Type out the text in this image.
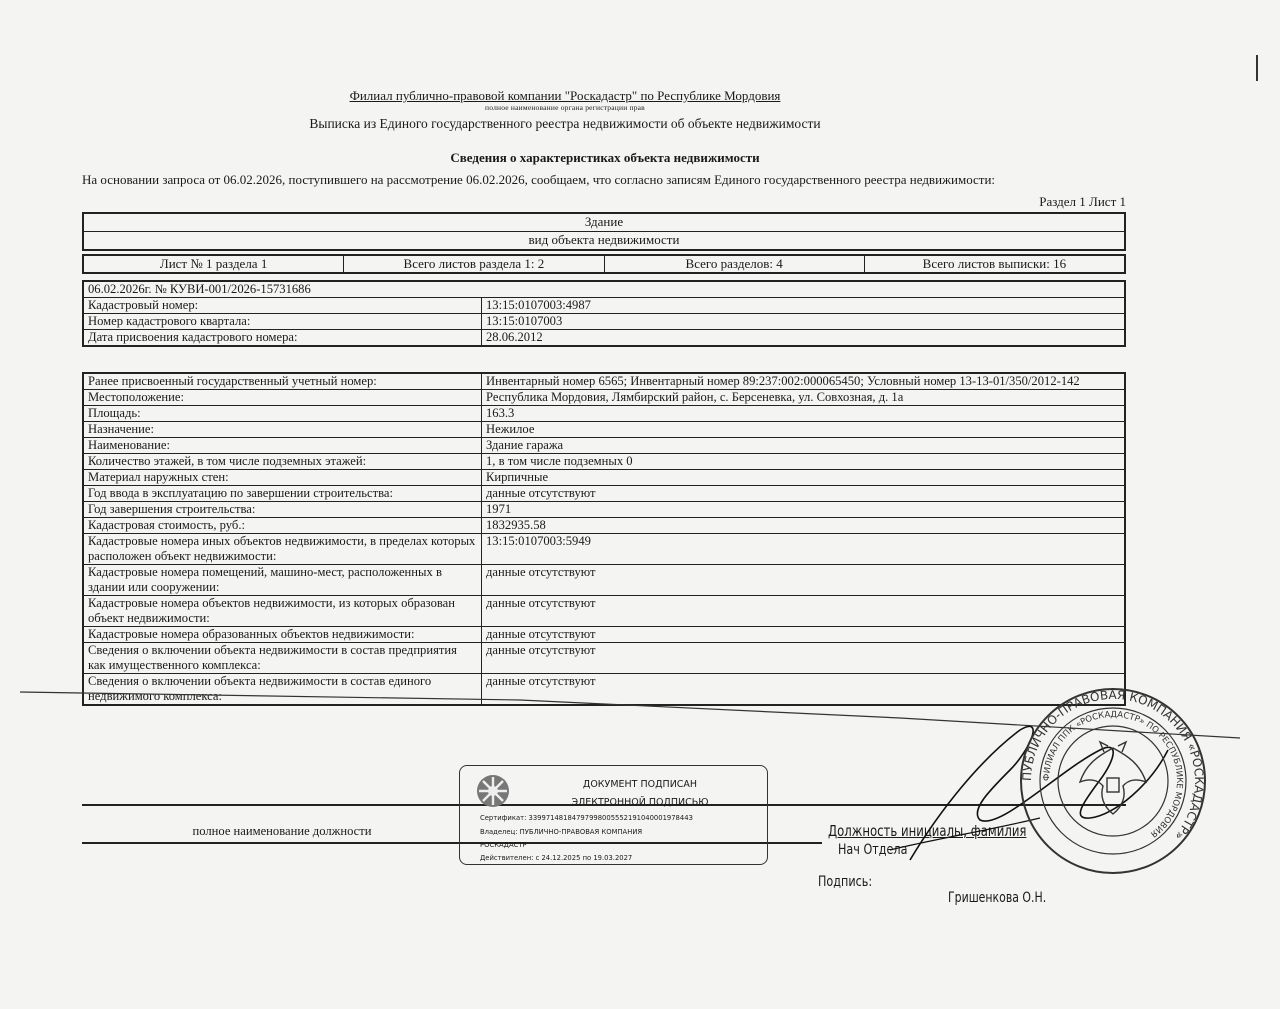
Филиал публично-правовой компании "Роскадастр" по Республике Мордовия
полное наименование органа регистрации прав
Выписка из Единого государственного реестра недвижимости об объекте недвижимости
Сведения о характеристиках объекта недвижимости
На основании запроса от 06.02.2026, поступившего на рассмотрение 06.02.2026, сообщаем, что согласно записям Единого государственного реестра недвижимости:
Раздел 1 Лист 1
Здание
вид объекта недвижимости
Лист № 1 раздела 1	Всего листов раздела 1: 2	Всего разделов: 4	Всего листов выписки: 16
06.02.2026г. № КУВИ-001/2026-15731686	
Кадастровый номер:	13:15:0107003:4987
Номер кадастрового квартала:	13:15:0107003
Дата присвоения кадастрового номера:	28.06.2012
Ранее присвоенный государственный учетный номер:	Инвентарный номер 6565; Инвентарный номер 89:237:002:000065450; Условный номер 13-13-01/350/2012-142
Местоположение:	Республика Мордовия, Лямбирский район, с. Берсеневка, ул. Совхозная, д. 1а
Площадь:	163.3
Назначение:	Нежилое
Наименование:	Здание гаража
Количество этажей, в том числе подземных этажей:	1, в том числе подземных 0
Материал наружных стен:	Кирпичные
Год ввода в эксплуатацию по завершении строительства:	данные отсутствуют
Год завершения строительства:	1971
Кадастровая стоимость, руб.:	1832935.58
Кадастровые номера иных объектов недвижимости, в пределах которых расположен объект недвижимости:	13:15:0107003:5949
Кадастровые номера помещений, машино-мест, расположенных в здании или сооружении:	данные отсутствуют
Кадастровые номера объектов недвижимости, из которых образован объект недвижимости:	данные отсутствуют
Кадастровые номера образованных объектов недвижимости:	данные отсутствуют
Сведения о включении объекта недвижимости в состав предприятия как имущественного комплекса:	данные отсутствуют
Сведения о включении объекта недвижимости в состав единого недвижимого комплекса:	данные отсутствуют
полное наименование должности	Должность инициалы, фамилия
Нач Отдела
Подпись:
Гришенкова О.Н.
ДОКУМЕНТ ПОДПИСАН
ЭЛЕКТРОННОЙ ПОДПИСЬЮ
Сертификат: 3399714818479799800555219104000197844З
Владелец: ПУБЛИЧНО-ПРАВОВАЯ КОМПАНИЯ
РОСКАДАСТР
Действителен: с 24.12.2025 по 19.03.2027
ПУБЛИЧНО-ПРАВОВАЯ КОМПАНИЯ «РОСКАДАСТР»
ФИЛИАЛ ППК «РОСКАДАСТР» ПО РЕСПУБЛИКЕ МОРДОВИЯ
